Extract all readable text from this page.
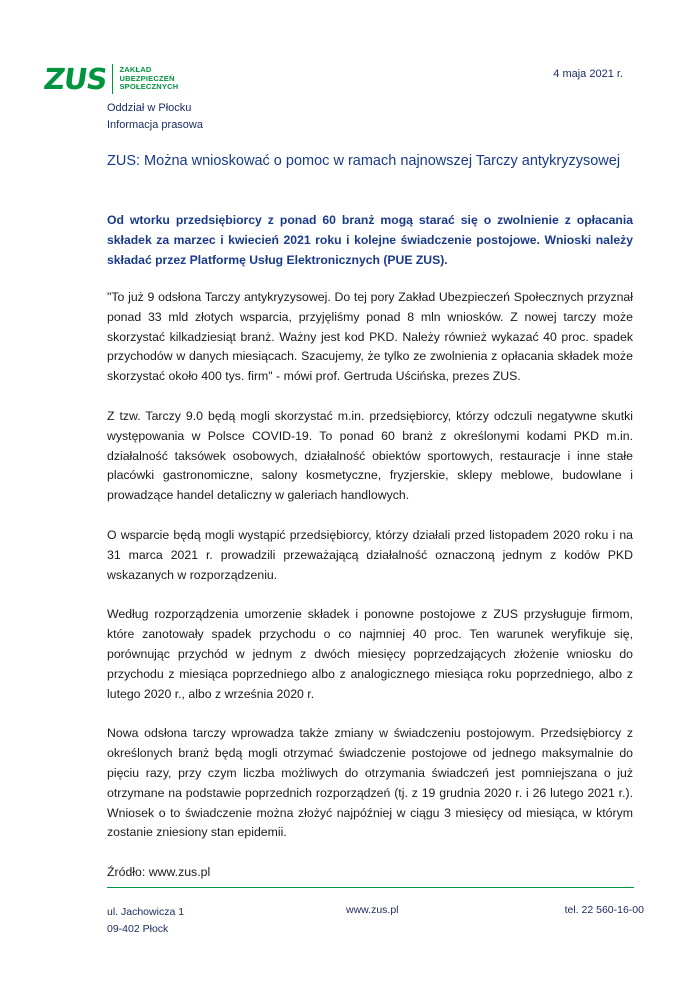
ZUS ZAKŁAD
UBEZPIECZEŃ
SPOŁECZNYCH
4 maja 2021 r.
Oddział w Płocku
Informacja prasowa
ZUS: Można wnioskować o pomoc w ramach najnowszej Tarczy antykryzysowej
Od wtorku przedsiębiorcy z ponad 60 branż mogą starać się o zwolnienie z opłacania składek za marzec i kwiecień 2021 roku i kolejne świadczenie postojowe. Wnioski należy składać przez Platformę Usług Elektronicznych (PUE ZUS).

"To już 9 odsłona Tarczy antykryzysowej. Do tej pory Zakład Ubezpieczeń Społecznych przyznał ponad 33 mld złotych wsparcia, przyjęliśmy ponad 8 mln wniosków. Z nowej tarczy może skorzystać kilkadziesiąt branż. Ważny jest kod PKD. Należy również wykazać 40 proc. spadek przychodów w danych miesiącach. Szacujemy, że tylko ze zwolnienia z opłacania składek może skorzystać około 400 tys. firm" - mówi prof. Gertruda Uścińska, prezes ZUS.

Z tzw. Tarczy 9.0 będą mogli skorzystać m.in. przedsiębiorcy, którzy odczuli negatywne skutki występowania w Polsce COVID-19. To ponad 60 branż z określonymi kodami PKD m.in. działalność taksówek osobowych, działalność obiektów sportowych, restauracje i inne stałe placówki gastronomiczne, salony kosmetyczne, fryzjerskie, sklepy meblowe, budowlane i prowadzące handel detaliczny w galeriach handlowych.

O wsparcie będą mogli wystąpić przedsiębiorcy, którzy działali przed listopadem 2020 roku i na 31 marca 2021 r. prowadzili przeważającą działalność oznaczoną jednym z kodów PKD wskazanych w rozporządzeniu.

Według rozporządzenia umorzenie składek i ponowne postojowe z ZUS przysługuje firmom, które zanotowały spadek przychodu o co najmniej 40 proc. Ten warunek weryfikuje się, porównując przychód w jednym z dwóch miesięcy poprzedzających złożenie wniosku do przychodu z miesiąca poprzedniego albo z analogicznego miesiąca roku poprzedniego, albo z lutego 2020 r., albo z września 2020 r.

Nowa odsłona tarczy wprowadza także zmiany w świadczeniu postojowym. Przedsiębiorcy z określonych branż będą mogli otrzymać świadczenie postojowe od jednego maksymalnie do pięciu razy, przy czym liczba możliwych do otrzymania świadczeń jest pomniejszana o już otrzymane na podstawie poprzednich rozporządzeń (tj. z 19 grudnia 2020 r. i 26 lutego 2021 r.). Wniosek o to świadczenie można złożyć najpóźniej w ciągu 3 miesięcy od miesiąca, w którym zostanie zniesiony stan epidemii.

Źródło: www.zus.pl

ul. Jachowicza 1
09-402 Płock
www.zus.pl	tel. 22 560-16-00
